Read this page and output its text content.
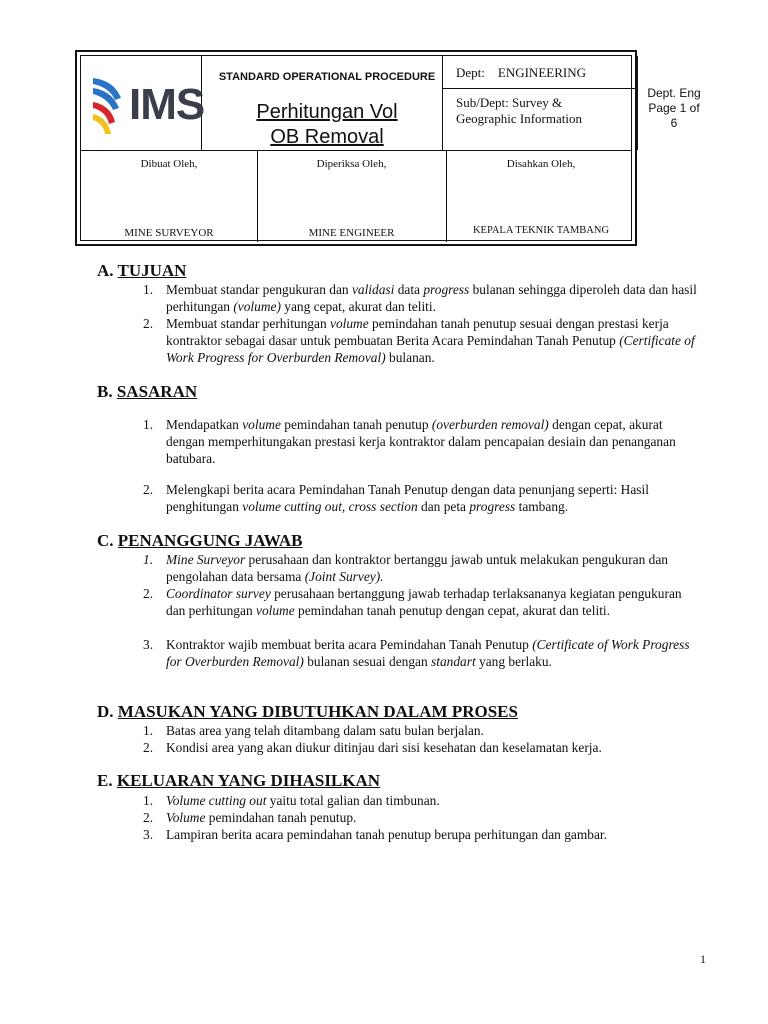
IMS
STANDARD OPERATIONAL PROCEDURE
Perhitungan Vol
OB Removal
Dept:    ENGINEERING
Sub/Dept: Survey & Geographic Information
Dept. Eng Page 1 of 6
Dibuat Oleh,
MINE SURVEYOR
Diperiksa Oleh,
MINE ENGINEER
Disahkan Oleh,
KEPALA TEKNIK TAMBANG
A. TUJUAN
1. Membuat standar pengukuran dan validasi data progress bulanan sehingga diperoleh data dan hasil perhitungan (volume) yang cepat, akurat dan teliti.
2. Membuat standar perhitungan volume pemindahan tanah penutup sesuai dengan prestasi kerja kontraktor sebagai dasar untuk pembuatan Berita Acara Pemindahan Tanah Penutup (Certificate of Work Progress for Overburden Removal) bulanan.
B. SASARAN
1. Mendapatkan volume pemindahan tanah penutup (overburden removal) dengan cepat, akurat dengan memperhitungakan prestasi kerja kontraktor dalam pencapaian desiain dan penanganan batubara.
2. Melengkapi berita acara Pemindahan Tanah Penutup dengan data penunjang seperti: Hasil penghitungan volume cutting out, cross section dan peta progress tambang.
C. PENANGGUNG JAWAB
1. Mine Surveyor perusahaan dan kontraktor bertanggu jawab untuk melakukan pengukuran dan pengolahan data bersama (Joint Survey).
2. Coordinator survey perusahaan bertanggung jawab terhadap terlaksananya kegiatan pengukuran dan perhitungan volume pemindahan tanah penutup dengan cepat, akurat dan teliti.
3. Kontraktor wajib membuat berita acara Pemindahan Tanah Penutup (Certificate of Work Progress for Overburden Removal) bulanan sesuai dengan standart yang berlaku.
D. MASUKAN YANG DIBUTUHKAN DALAM PROSES
1. Batas area yang telah ditambang dalam satu bulan berjalan.
2. Kondisi area yang akan diukur ditinjau dari sisi kesehatan dan keselamatan kerja.
E. KELUARAN YANG DIHASILKAN
1. Volume cutting out yaitu total galian dan timbunan.
2. Volume pemindahan tanah penutup.
3. Lampiran berita acara pemindahan tanah penutup berupa perhitungan dan gambar.
1
